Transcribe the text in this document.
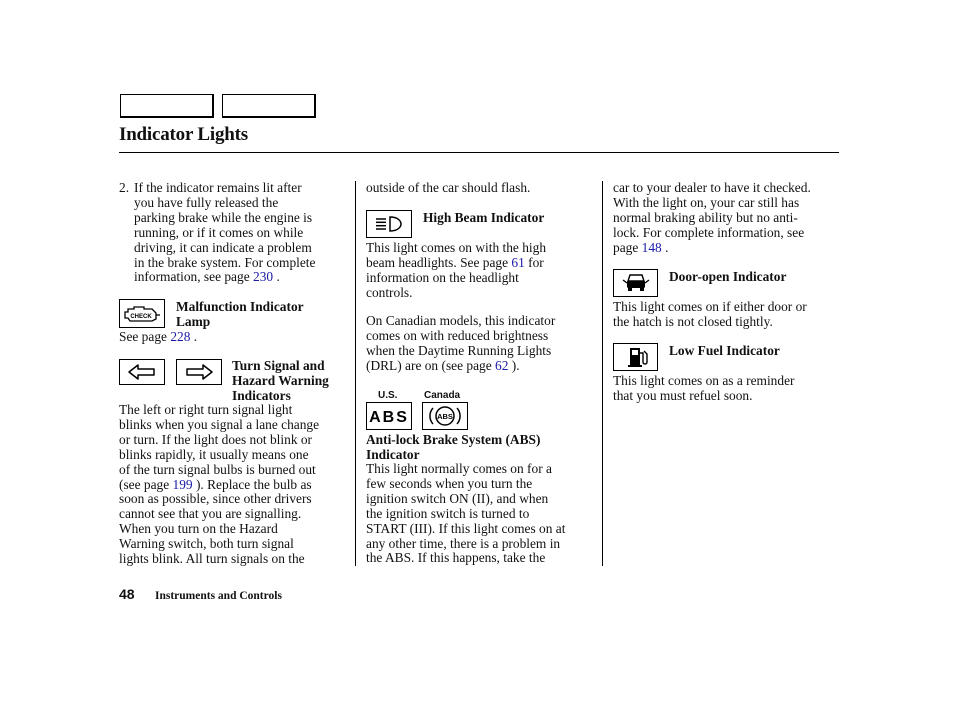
Indicator Lights
2. If the indicator remains lit after

you have fully released the

parking brake while the engine is

running, or if it comes on while

driving, it can indicate a problem

in the brake system. For complete

information, see page 230 .

CHECK

Malfunction Indicator

Lamp

See page 228 .

Turn Signal and

Hazard Warning

Indicators

The left or right turn signal light

blinks when you signal a lane change

or turn. If the light does not blink or

blinks rapidly, it usually means one

of the turn signal bulbs is burned out

(see page 199 ). Replace the bulb as

soon as possible, since other drivers

cannot see that you are signalling.

When you turn on the Hazard

Warning switch, both turn signal

lights blink. All turn signals on the

outside of the car should flash.
High Beam Indicator

This light comes on with the high

beam headlights. See page 61 for

information on the headlight

controls.

On Canadian models, this indicator

comes on with reduced brightness

when the Daytime Running Lights

(DRL) are on (see page 62 ).

U.S.	Canada
ABS	ABS

Anti-lock Brake System (ABS)

Indicator

This light normally comes on for a

few seconds when you turn the

ignition switch ON (II), and when

the ignition switch is turned to

START (III). If this light comes on at

any other time, there is a problem in

the ABS. If this happens, take the

car to your dealer to have it checked.

With the light on, your car still has

normal braking ability but no anti-

lock. For complete information, see

page 148 .

Door-open Indicator

This light comes on if either door or

the hatch is not closed tightly.

Low Fuel Indicator

This light comes on as a reminder

that you must refuel soon.

48 Instruments and Controls
